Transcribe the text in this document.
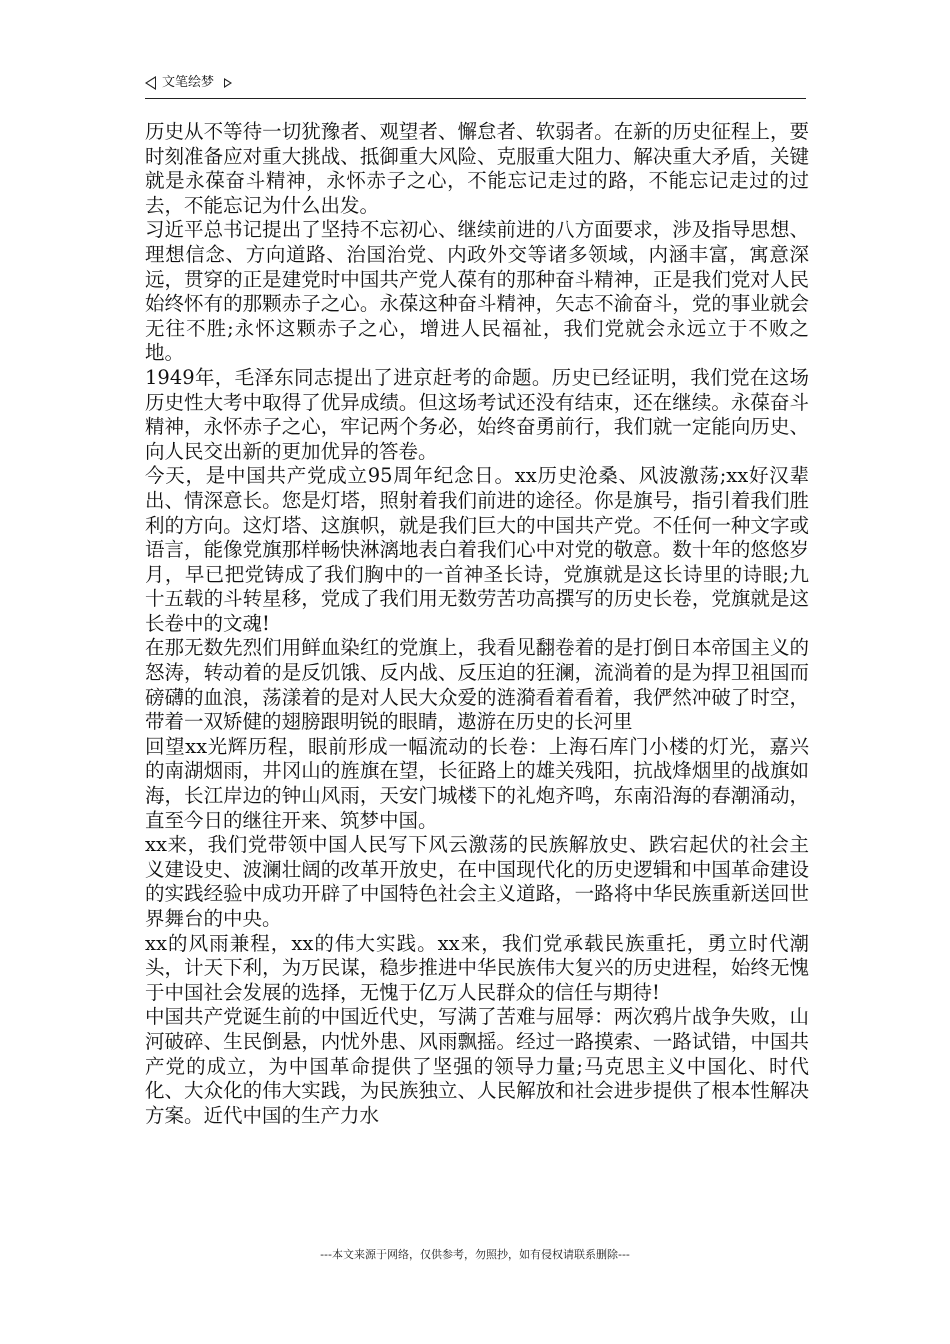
文笔绘梦

历史从不等待一切犹豫者、观望者、懈怠者、软弱者。在新的历史征程上，要时刻准备应对重大挑战、抵御重大风险、克服重大阻力、解决重大矛盾，关键就是永葆奋斗精神，永怀赤子之心，不能忘记走过的路，不能忘记走过的过去，不能忘记为什么出发。

习近平总书记提出了坚持不忘初心、继续前进的八方面要求，涉及指导思想、理想信念、方向道路、治国治党、内政外交等诸多领域，内涵丰富，寓意深远，贯穿的正是建党时中国共产党人葆有的那种奋斗精神，正是我们党对人民始终怀有的那颗赤子之心。永葆这种奋斗精神，矢志不渝奋斗，党的事业就会无往不胜;永怀这颗赤子之心，增进人民福祉，我们党就会永远立于不败之地。

1949年，毛泽东同志提出了进京赶考的命题。历史已经证明，我们党在这场历史性大考中取得了优异成绩。但这场考试还没有结束，还在继续。永葆奋斗精神，永怀赤子之心，牢记两个务必，始终奋勇前行，我们就一定能向历史、向人民交出新的更加优异的答卷。

今天，是中国共产党成立95周年纪念日。xx历史沧桑、风波激荡;xx好汉辈出、情深意长。您是灯塔，照射着我们前进的途径。你是旗号，指引着我们胜利的方向。这灯塔、这旗帜，就是我们巨大的中国共产党。不任何一种文字或语言，能像党旗那样畅快淋漓地表白着我们心中对党的敬意。数十年的悠悠岁月，早已把党铸成了我们胸中的一首神圣长诗，党旗就是这长诗里的诗眼;九十五载的斗转星移，党成了我们用无数劳苦功高撰写的历史长卷，党旗就是这长卷中的文魂!

在那无数先烈们用鲜血染红的党旗上，我看见翻卷着的是打倒日本帝国主义的怒涛，转动着的是反饥饿、反内战、反压迫的狂澜，流淌着的是为捍卫祖国而磅礴的血浪，荡漾着的是对人民大众爱的涟漪看着看着，我俨然冲破了时空，带着一双矫健的翅膀跟明锐的眼睛，遨游在历史的长河里

回望xx光辉历程，眼前形成一幅流动的长卷：上海石库门小楼的灯光，嘉兴的南湖烟雨，井冈山的旌旗在望，长征路上的雄关残阳，抗战烽烟里的战旗如海，长江岸边的钟山风雨，天安门城楼下的礼炮齐鸣，东南沿海的春潮涌动，直至今日的继往开来、筑梦中国。

xx来，我们党带领中国人民写下风云激荡的民族解放史、跌宕起伏的社会主义建设史、波澜壮阔的改革开放史，在中国现代化的历史逻辑和中国革命建设的实践经验中成功开辟了中国特色社会主义道路，一路将中华民族重新送回世界舞台的中央。

xx的风雨兼程，xx的伟大实践。xx来，我们党承载民族重托，勇立时代潮头，计天下利，为万民谋，稳步推进中华民族伟大复兴的历史进程，始终无愧于中国社会发展的选择，无愧于亿万人民群众的信任与期待!

中国共产党诞生前的中国近代史，写满了苦难与屈辱：两次鸦片战争失败，山河破碎、生民倒悬，内忧外患、风雨飘摇。经过一路摸索、一路试错，中国共产党的成立，为中国革命提供了坚强的领导力量;马克思主义中国化、时代化、大众化的伟大实践，为民族独立、人民解放和社会进步提供了根本性解决方案。近代中国的生产力水

---本文来源于网络，仅供参考，勿照抄，如有侵权请联系删除---
